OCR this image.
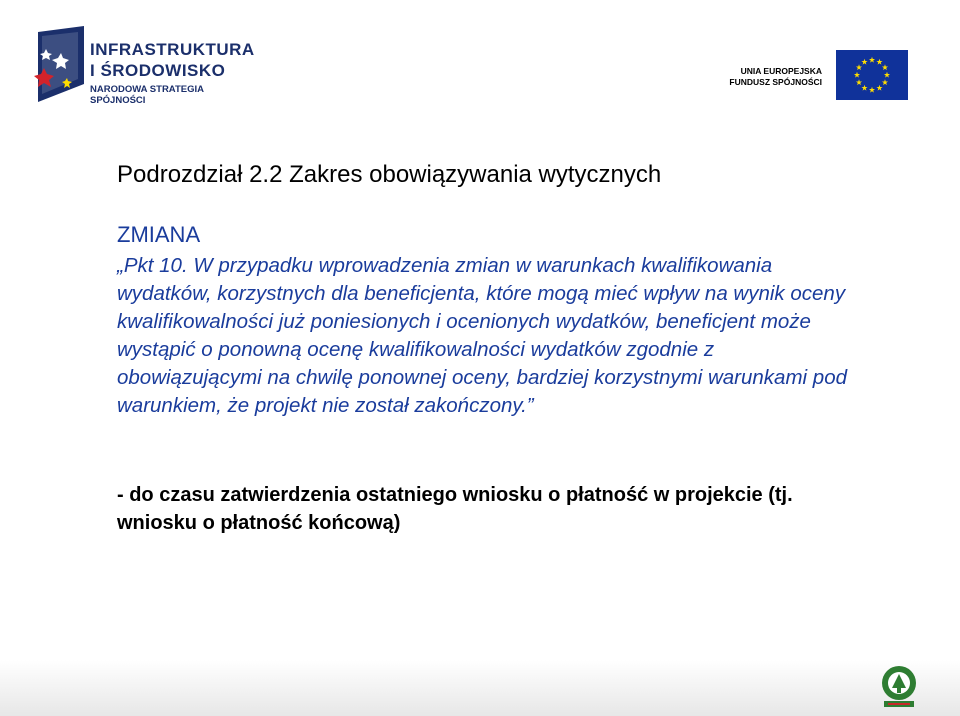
INFRASTRUKTURA
I ŚRODOWISKO
NARODOWA STRATEGIA SPÓJNOŚCI
UNIA EUROPEJSKA
FUNDUSZ SPÓJNOŚCI
Podrozdział 2.2 Zakres obowiązywania wytycznych
ZMIANA
„Pkt 10. W przypadku wprowadzenia zmian w warunkach kwalifikowania wydatków, korzystnych dla beneficjenta, które mogą mieć wpływ na wynik oceny kwalifikowalności już poniesionych i ocenionych wydatków, beneficjent może wystąpić o ponowną ocenę kwalifikowalności wydatków zgodnie z obowiązującymi na chwilę ponownej oceny, bardziej korzystnymi warunkami pod warunkiem, że projekt nie został zakończony.”
- do czasu zatwierdzenia ostatniego wniosku o płatność w projekcie (tj. wniosku o płatność końcową)
